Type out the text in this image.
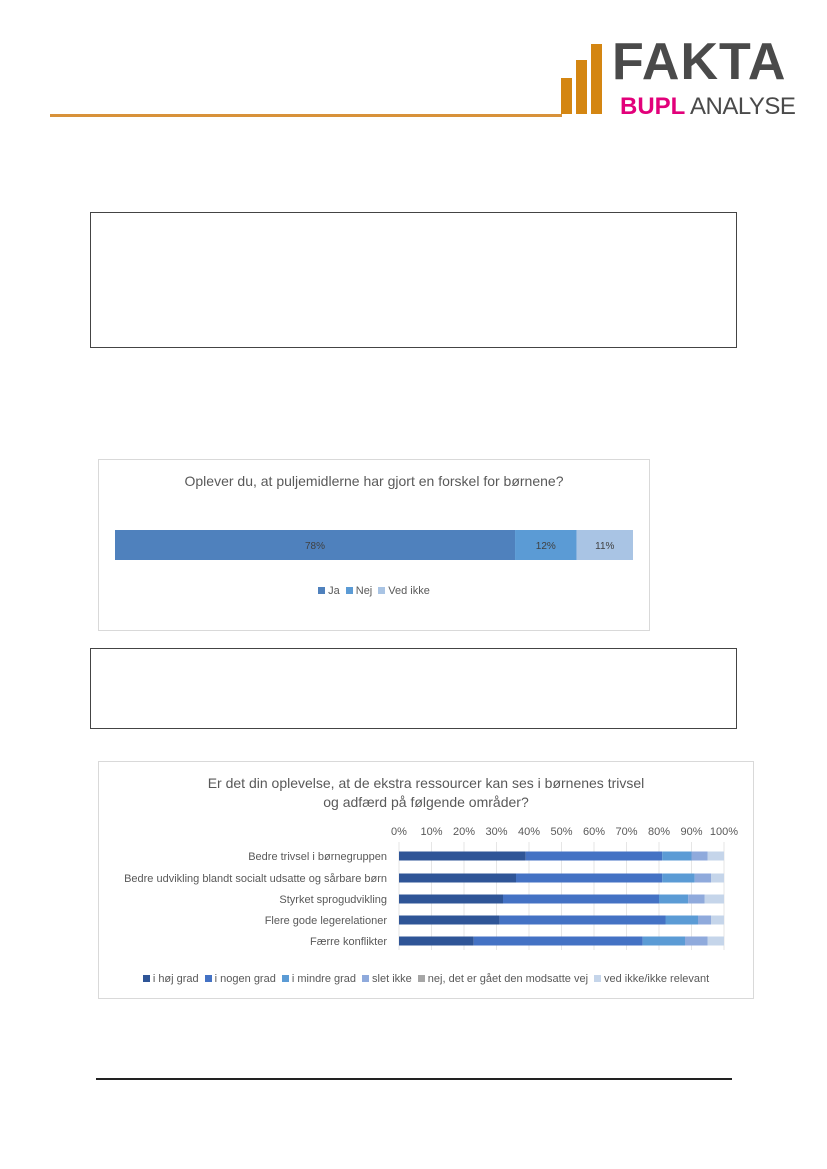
FAKTA
BUPL ANALYSE
Oplever du, at puljemidlerne har gjort en forskel for børnene?
78%	12%	11%
Ja Nej Ved ikke
Er det din oplevelse, at de ekstra ressourcer kan ses i børnenes trivsel
og adfærd på følgende områder?
0% 10% 20% 30% 40% 50% 60% 70% 80% 90% 100%
Bedre trivsel i børnegruppen
Bedre udvikling blandt socialt udsatte og sårbare børn
Styrket sprogudvikling
Flere gode legerelationer
Færre konflikter
i høj grad i nogen grad i mindre grad slet ikke nej, det er gået den modsatte vej ved ikke/ikke relevant
